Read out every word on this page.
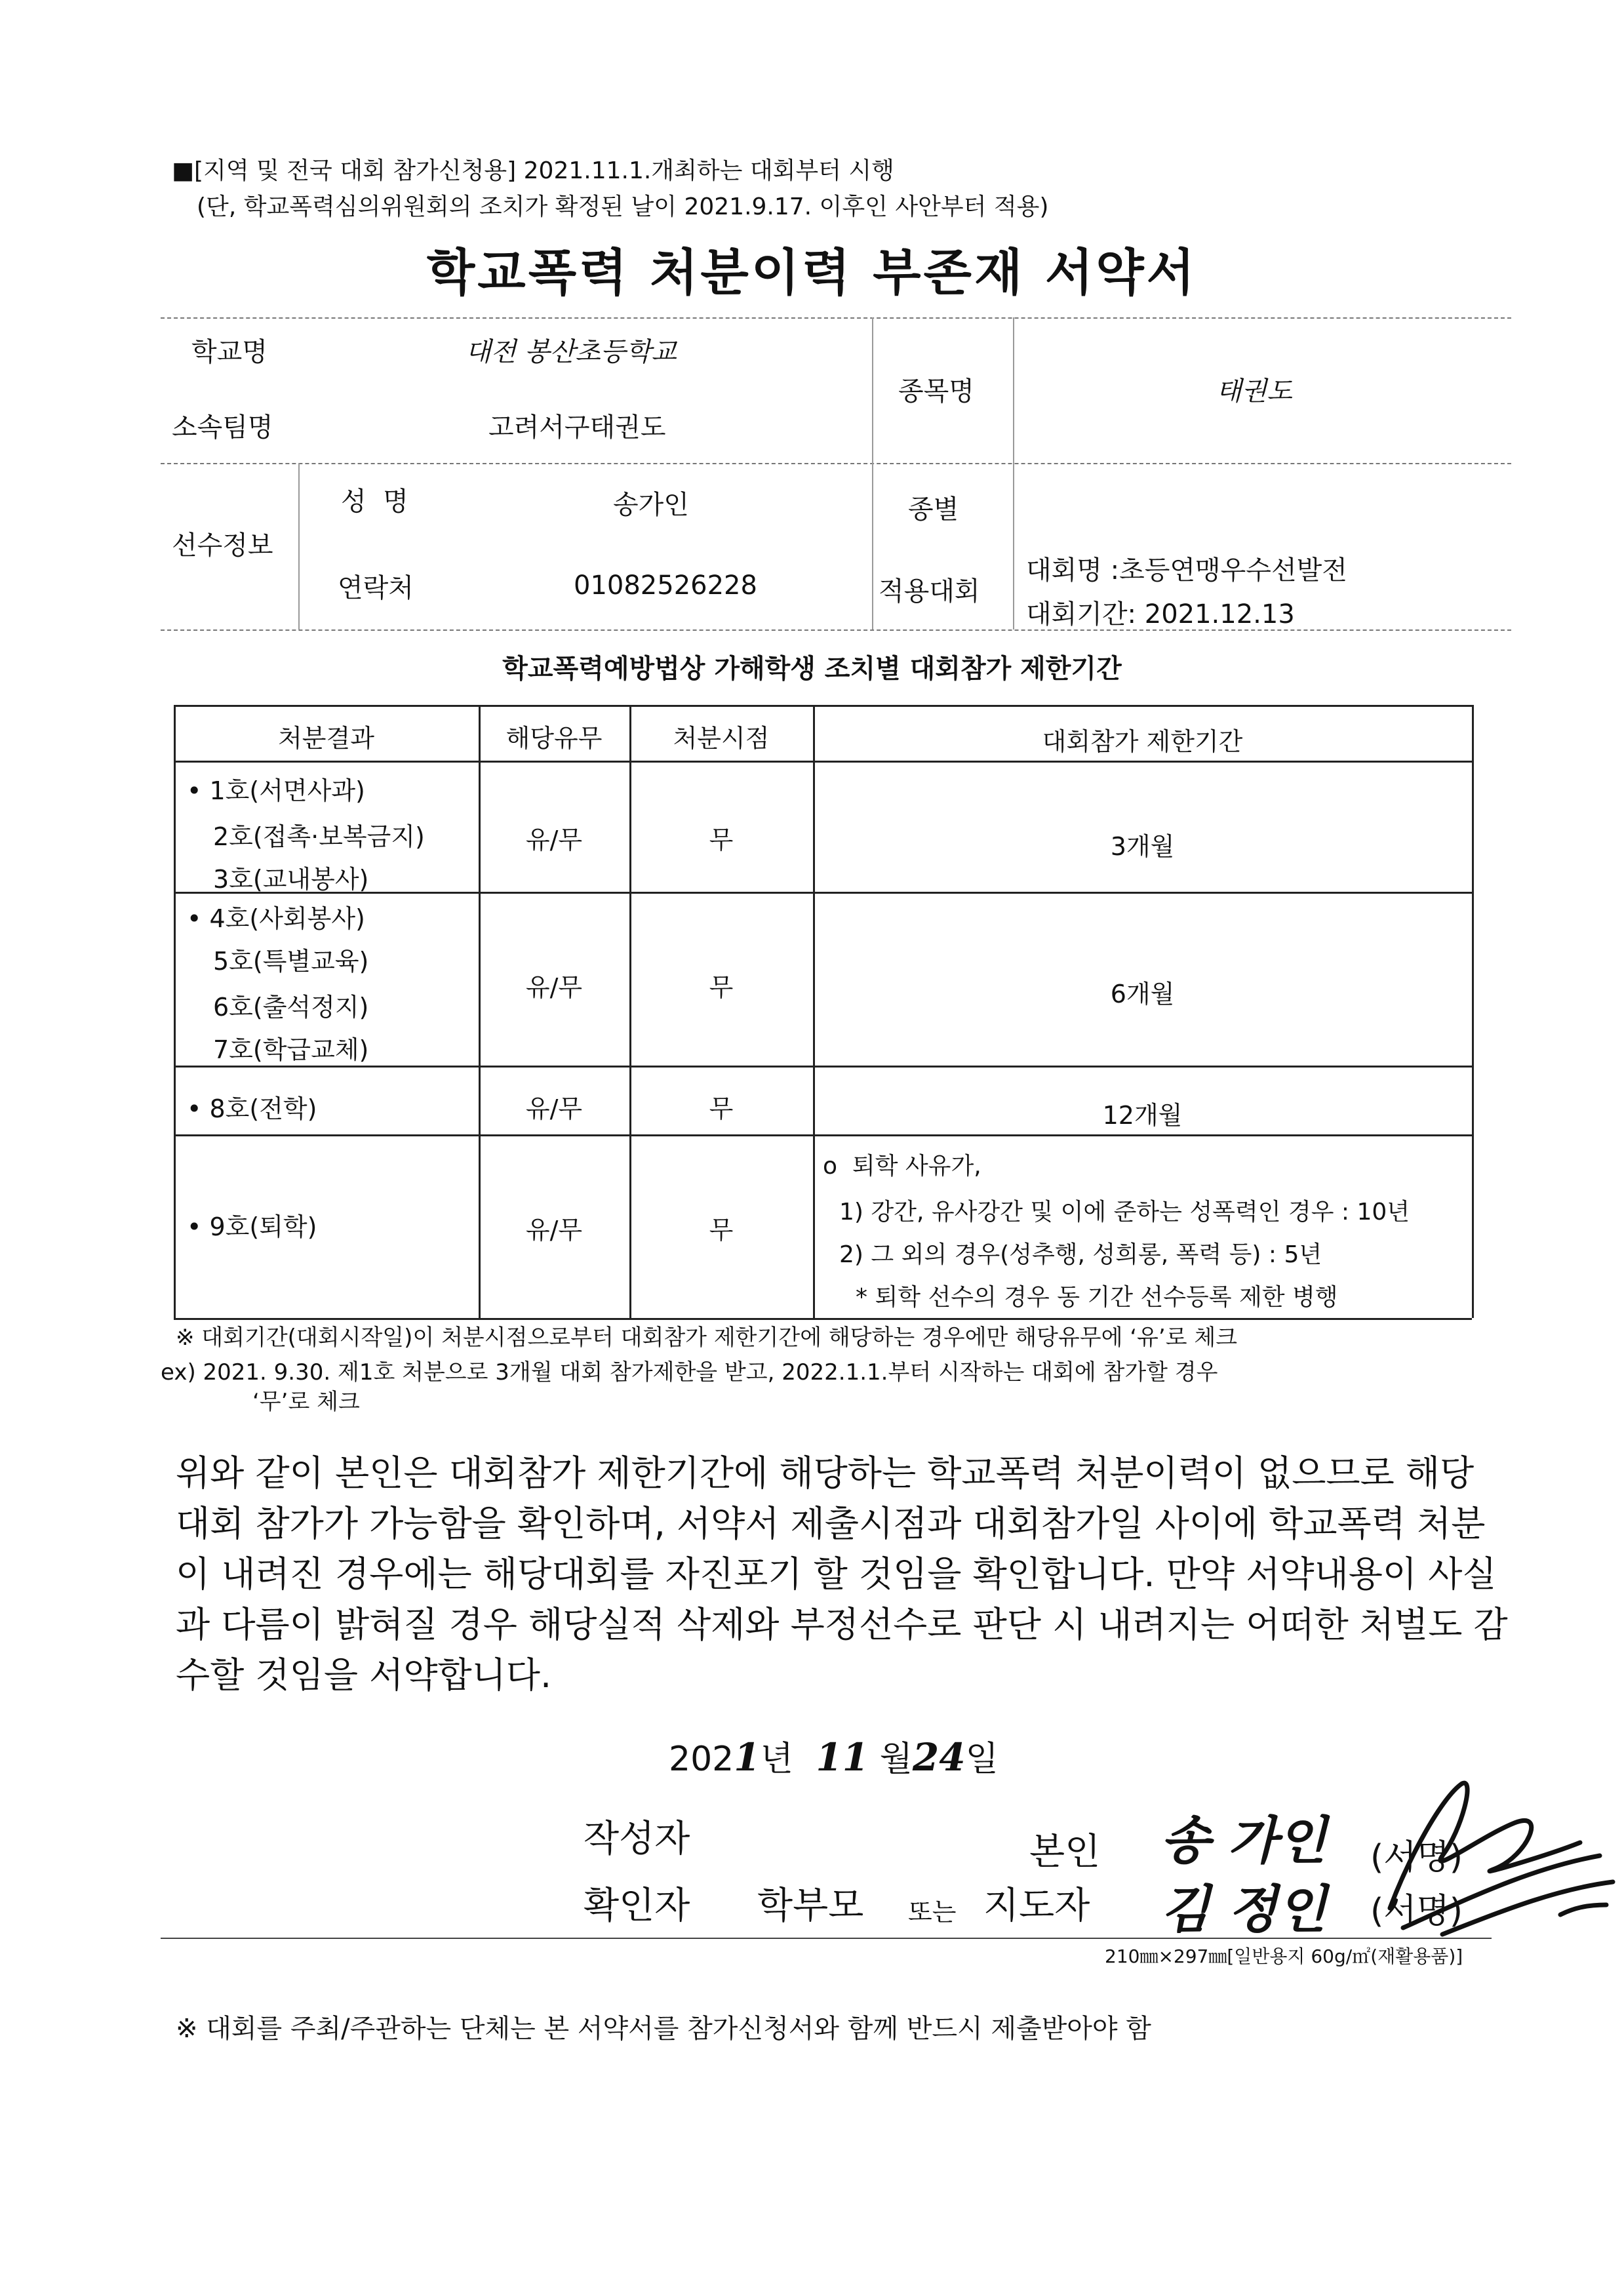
■[지역 및 전국 대회 참가신청용] 2021.11.1.개최하는 대회부터 시행
(단, 학교폭력심의위원회의 조치가 확정된 날이 2021.9.17. 이후인 사안부터 적용)
학교폭력 처분이력 부존재 서약서
학교명	대전 봉산초등학교
소속팀명	고려서구태권도
종목명	태권도
선수정보
성  명	송가인	종별
연락처	01082526228	적용대회
대회명 :초등연맹우수선발전
대회기간: 2021.12.13
학교폭력예방법상 가해학생 조치별 대회참가 제한기간
처분결과	해당유무	처분시점	대회참가 제한기간
• 1호(서면사과)
2호(접촉·보복금지)
3호(교내봉사)
유/무	무	3개월
• 4호(사회봉사)
5호(특별교육)
6호(출석정지)
7호(학급교체)
유/무	무	6개월
• 8호(전학)	유/무	무	12개월
• 9호(퇴학)	유/무	무
o  퇴학 사유가,
1) 강간, 유사강간 및 이에 준하는 성폭력인 경우 : 10년
2) 그 외의 경우(성추행, 성희롱, 폭력 등) : 5년
* 퇴학 선수의 경우 동 기간 선수등록 제한 병행
※ 대회기간(대회시작일)이 처분시점으로부터 대회참가 제한기간에 해당하는 경우에만 해당유무에 ‘유’로 체크
ex) 2021. 9.30. 제1호 처분으로 3개월 대회 참가제한을 받고, 2022.1.1.부터 시작하는 대회에 참가할 경우
‘무’로 체크
위와 같이 본인은 대회참가 제한기간에 해당하는 학교폭력 처분이력이 없으므로 해당 대회 참가가 가능함을 확인하며, 서약서 제출시점과 대회참가일 사이에 학교폭력 처분이 내려진 경우에는 해당대회를 자진포기 할 것임을 확인합니다. 만약 서약내용이 사실과 다름이 밝혀질 경우 해당실적 삭제와 부정선수로 판단 시 내려지는 어떠한 처벌도 감수할 것임을 서약합니다.
2021년 11 월24일
작성자	본인 송 가인 (서명)
확인자 학부모 또는 지도자 김 정인 (서명)
210㎜×297㎜[일반용지 60g/㎡(재활용품)]
※ 대회를 주최/주관하는 단체는 본 서약서를 참가신청서와 함께 반드시 제출받아야 함
